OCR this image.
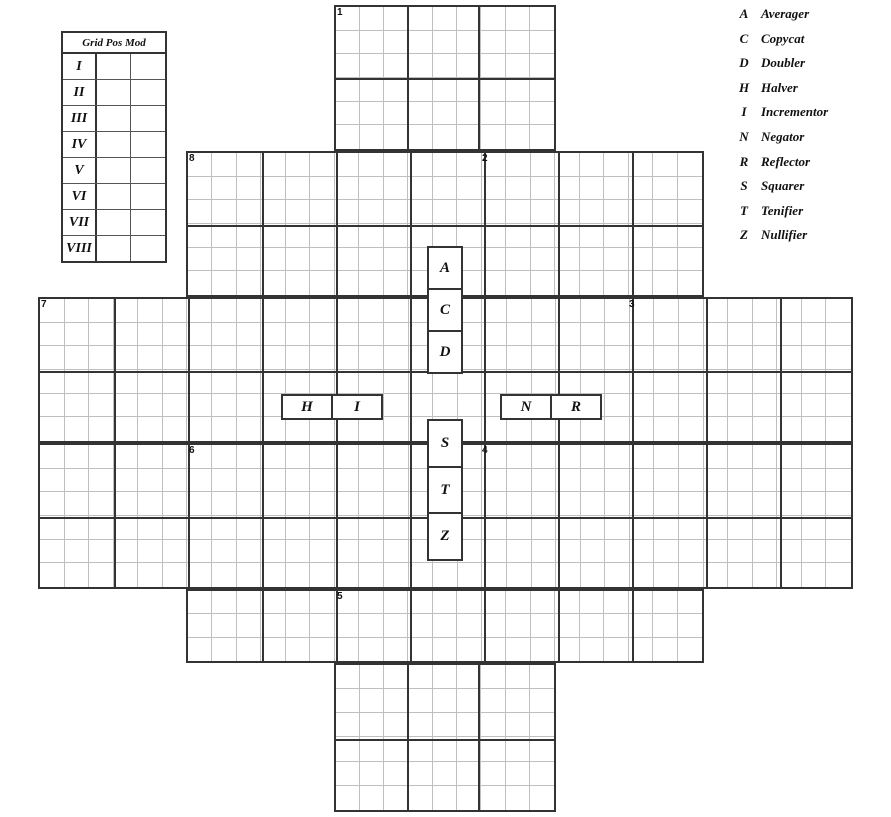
1
8	2
7	3
6	4
5
A
C
D
H	I	N	R
S
T
Z
Grid Pos Mod
I
II
III
IV
V
VI
VII
VIII
A Averager
C Copycat
D Doubler
H Halver
I	Incrementor
N Negator
R Reflector
S	Squarer
T	Tenifier
Z	Nullifier
